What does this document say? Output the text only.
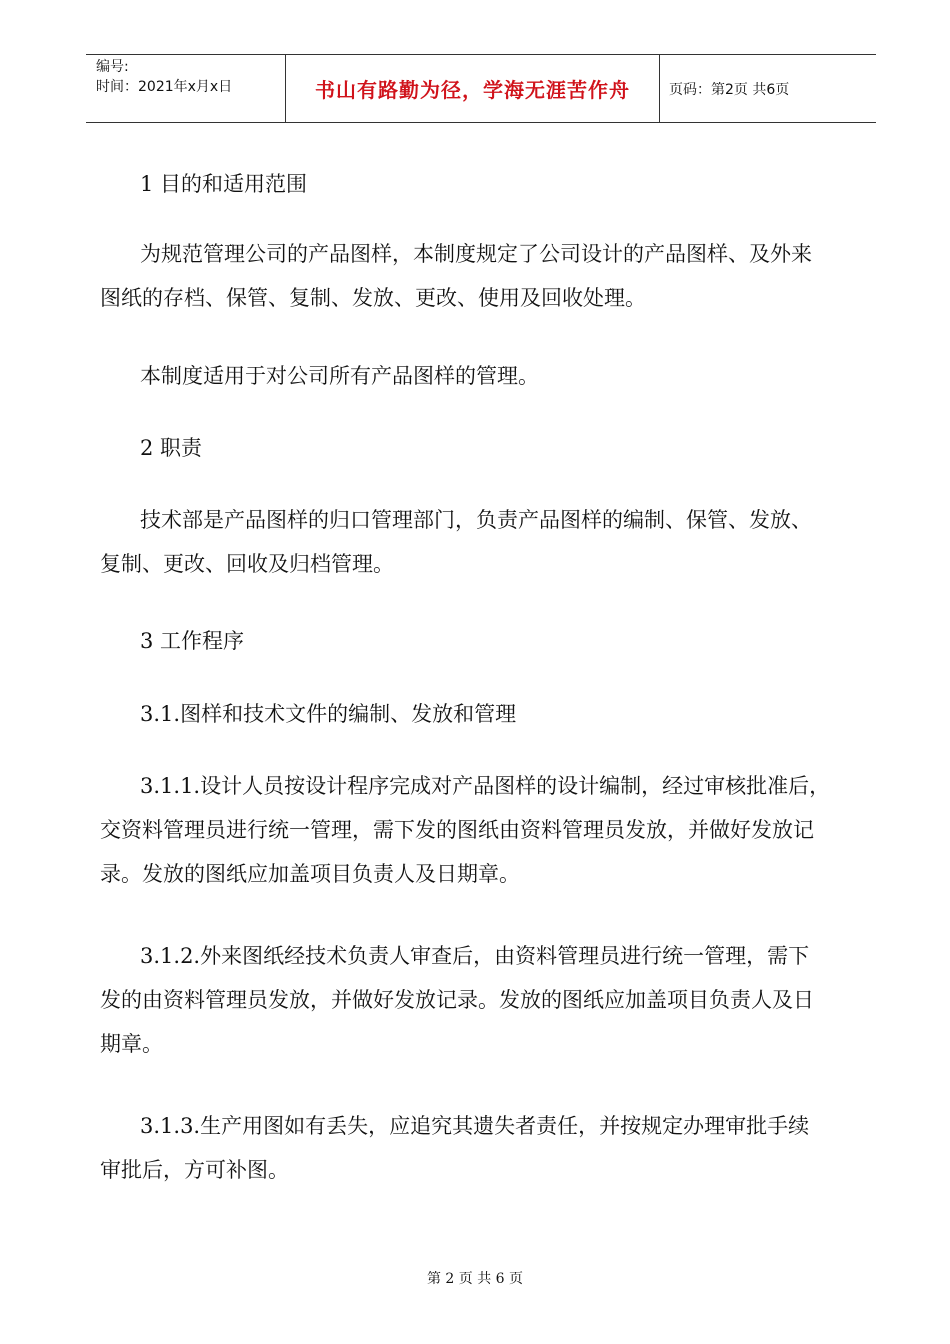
编号:
时间：2021年x月x日	书山有路勤为径，学海无涯苦作舟	页码：第2页 共6页

1 目的和适用范围

为规范管理公司的产品图样，本制度规定了公司设计的产品图样、及外来
图纸的存档、保管、复制、发放、更改、使用及回收处理。

本制度适用于对公司所有产品图样的管理。

2 职责

技术部是产品图样的归口管理部门，负责产品图样的编制、保管、发放、
复制、更改、回收及归档管理。

3 工作程序

3.1.图样和技术文件的编制、发放和管理

3.1.1.设计人员按设计程序完成对产品图样的设计编制，经过审核批准后，
交资料管理员进行统一管理，需下发的图纸由资料管理员发放，并做好发放记
录。发放的图纸应加盖项目负责人及日期章。

3.1.2.外来图纸经技术负责人审查后，由资料管理员进行统一管理，需下
发的由资料管理员发放，并做好发放记录。发放的图纸应加盖项目负责人及日
期章。

3.1.3.生产用图如有丢失，应追究其遗失者责任，并按规定办理审批手续
审批后，方可补图。

第 2 页 共 6 页
